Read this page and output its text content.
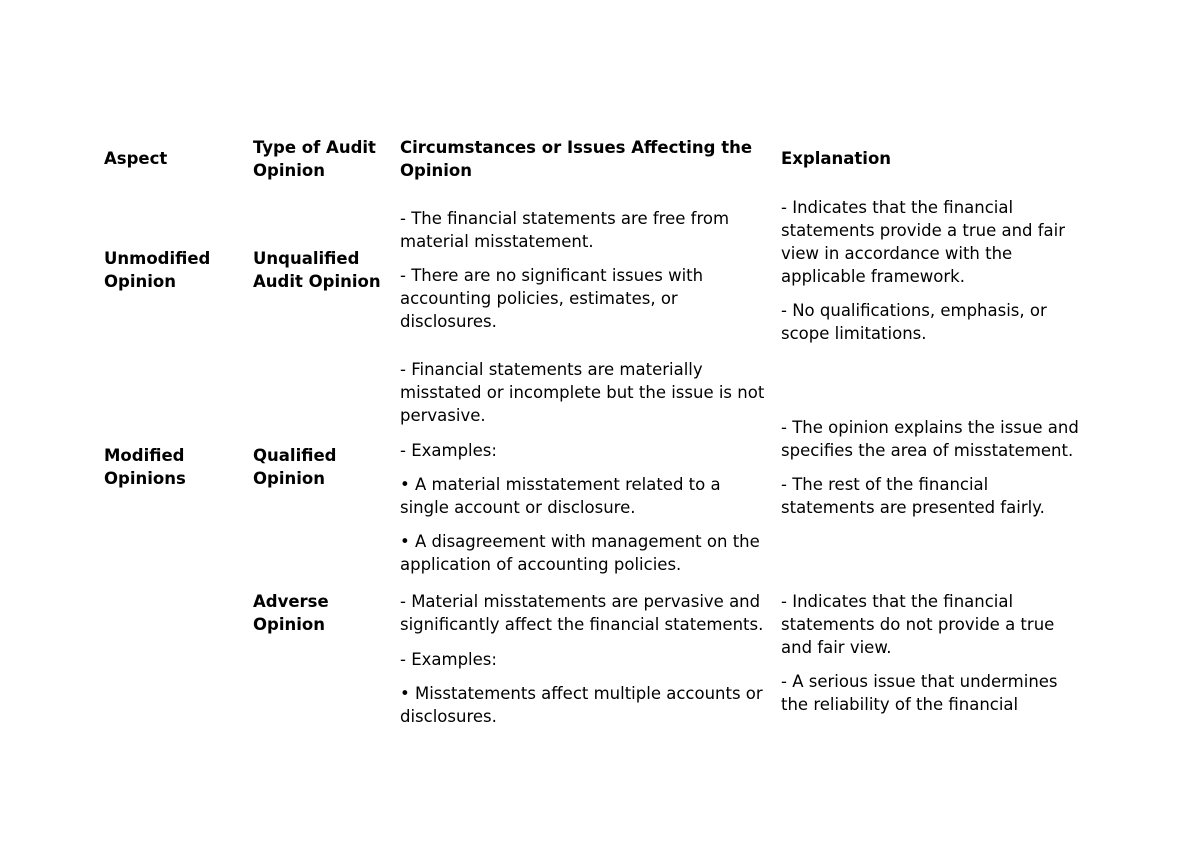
Aspect

Type of Audit Opinion

Circumstances or Issues Affecting the Opinion

Explanation

Unmodified Opinion

Unqualified Audit Opinion

- The financial statements are free from material misstatement.

- There are no significant issues with accounting policies, estimates, or disclosures.

- Indicates that the financial statements provide a true and fair view in accordance with the applicable framework.

- No qualifications, emphasis, or scope limitations.

Modified Opinions

Qualified Opinion

- Financial statements are materially misstated or incomplete but the issue is not pervasive.

- Examples:

• A material misstatement related to a single account or disclosure.

• A disagreement with management on the application of accounting policies.

- The opinion explains the issue and specifies the area of misstatement.

- The rest of the financial statements are presented fairly.

Adverse Opinion

- Material misstatements are pervasive and significantly affect the financial statements.

- Examples:

• Misstatements affect multiple accounts or disclosures.

- Indicates that the financial statements do not provide a true and fair view.

- A serious issue that undermines the reliability of the financial
